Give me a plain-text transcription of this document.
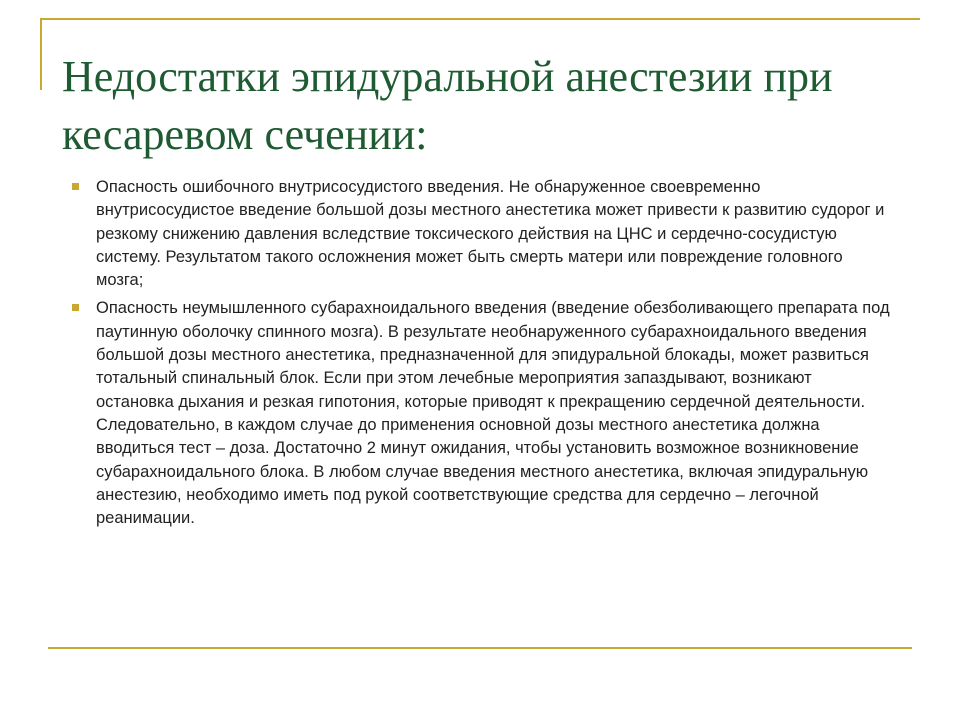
Недостатки эпидуральной анестезии при кесаревом сечении:
Опасность ошибочного внутрисосудистого введения. Не обнаруженное своевременно внутрисосудистое введение большой дозы местного анестетика может привести к развитию судорог и резкому снижению давления вследствие токсического действия на ЦНС и сердечно-сосудистую систему. Результатом такого осложнения может быть смерть матери или повреждение головного мозга;
Опасность неумышленного субарахноидального введения (введение обезболивающего препарата под паутинную оболочку спинного мозга). В результате необнаруженного субарахноидального введения большой дозы местного анестетика, предназначенной для эпидуральной блокады, может развиться тотальный спинальный блок. Если при этом лечебные мероприятия запаздывают, возникают остановка дыхания и резкая гипотония, которые приводят к прекращению сердечной деятельности. Следовательно, в каждом случае до применения основной дозы местного анестетика должна вводиться тест – доза. Достаточно 2 минут ожидания, чтобы установить возможное возникновение субарахноидального блока. В любом случае введения местного анестетика, включая эпидуральную анестезию, необходимо иметь под рукой соответствующие средства для сердечно – легочной реанимации.
